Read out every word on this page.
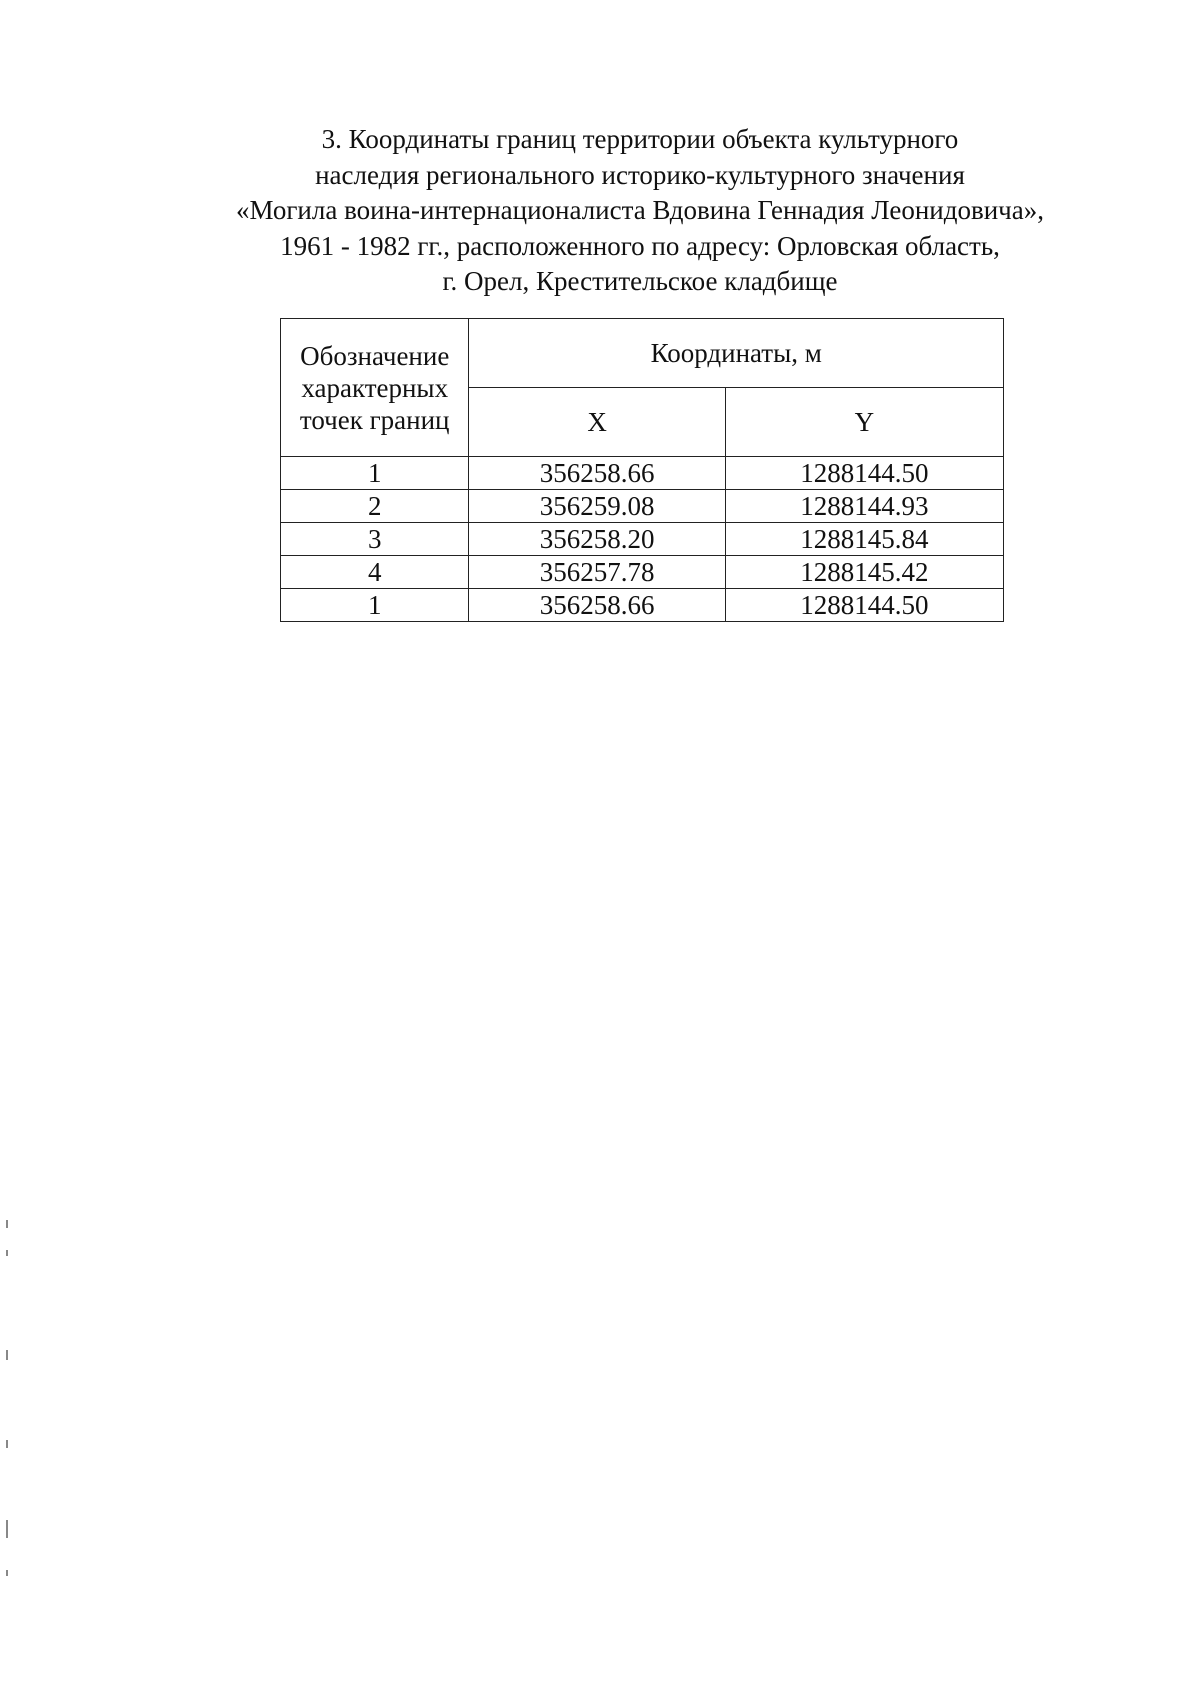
3. Координаты границ территории объекта культурного
наследия регионального историко-культурного значения
«Могила воина-интернационалиста Вдовина Геннадия Леонидовича»,
1961 - 1982 гг., расположенного по адресу: Орловская область,
г. Орел, Крестительское кладбище
Обозначение характерных точек границ	Координаты, м	
	X	Y
1	356258.66	1288144.50
2	356259.08	1288144.93
3	356258.20	1288145.84
4	356257.78	1288145.42
1	356258.66	1288144.50
